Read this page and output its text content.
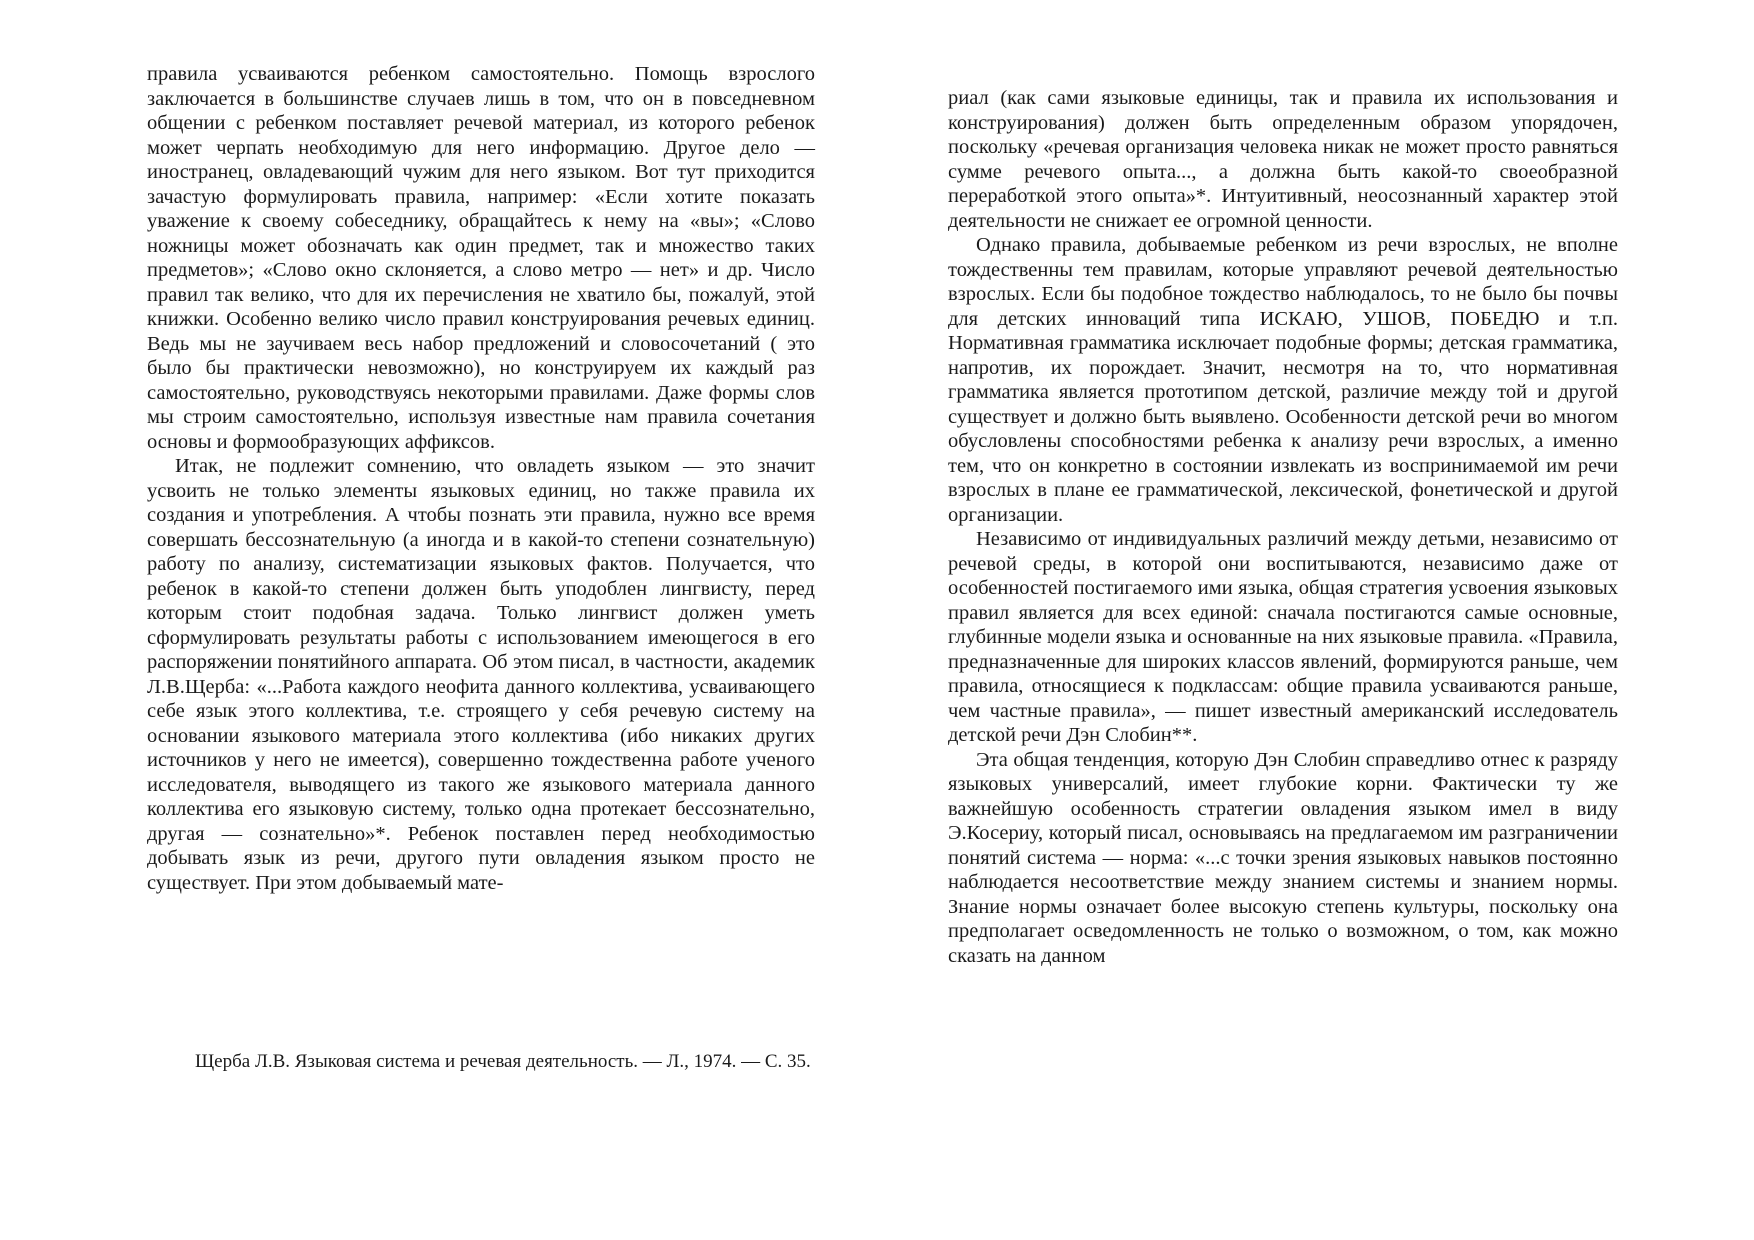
правила усваиваются ребенком самостоятельно. Помощь взрослого заключается в большинстве случаев лишь в том, что он в повседневном общении с ребенком поставляет речевой материал, из которого ребенок может черпать необходимую для него информацию. Другое дело — иностранец, овладевающий чужим для него языком. Вот тут приходится зачастую формулировать правила, например: «Если хотите показать уважение к своему собеседнику, обращайтесь к нему на «вы»; «Слово ножницы может обозначать как один предмет, так и множество таких предметов»; «Слово окно склоняется, а слово метро — нет» и др. Число правил так велико, что для их перечисления не хватило бы, пожалуй, этой книжки. Особенно велико число правил конструирования речевых единиц. Ведь мы не заучиваем весь набор предложений и словосочетаний ( это было бы практически невозможно), но конструируем их каждый раз самостоятельно, руководствуясь некоторыми правилами. Даже формы слов мы строим самостоятельно, используя известные нам правила сочетания основы и формообразующих аффиксов.

Итак, не подлежит сомнению, что овладеть языком — это значит усвоить не только элементы языковых единиц, но также правила их создания и употребления. А чтобы познать эти правила, нужно все время совершать бессознательную (а иногда и в какой-то степени сознательную) работу по анализу, систематизации языковых фактов. Получается, что ребенок в какой-то степени должен быть уподоблен лингвисту, перед которым стоит подобная задача. Только лингвист должен уметь сформулировать результаты работы с использованием имеющегося в его распоряжении понятийного аппарата. Об этом писал, в частности, академик Л.В.Щерба: «...Работа каждого неофита данного коллектива, усваивающего себе язык этого коллектива, т.е. строящего у себя речевую систему на основании языкового материала этого коллектива (ибо никаких других источников у него не имеется), совершенно тождественна работе ученого исследователя, выводящего из такого же языкового материала данного коллектива его языковую систему, только одна протекает бессознательно, другая — сознательно»*. Ребенок поставлен перед необходимостью добывать язык из речи, другого пути овладения языком просто не существует. При этом добываемый мате-

Щерба Л.В. Языковая система и речевая деятельность. — Л., 1974. — С. 35.

риал (как сами языковые единицы, так и правила их использования и конструирования) должен быть определенным образом упорядочен, поскольку «речевая организация человека никак не может просто равняться сумме речевого опыта..., а должна быть какой-то своеобразной переработкой этого опыта»*. Интуитивный, неосознанный характер этой деятельности не снижает ее огромной ценности.

Однако правила, добываемые ребенком из речи взрослых, не вполне тождественны тем правилам, которые управляют речевой деятельностью взрослых. Если бы подобное тождество наблюдалось, то не было бы почвы для детских инноваций типа ИСКАЮ, УШОВ, ПОБЕДЮ и т.п. Нормативная грамматика исключает подобные формы; детская грамматика, напротив, их порождает. Значит, несмотря на то, что нормативная грамматика является прототипом детской, различие между той и другой существует и должно быть выявлено. Особенности детской речи во многом обусловлены способностями ребенка к анализу речи взрослых, а именно тем, что он конкретно в состоянии извлекать из воспринимаемой им речи взрослых в плане ее грамматической, лексической, фонетической и другой организации.

Независимо от индивидуальных различий между детьми, независимо от речевой среды, в которой они воспитываются, независимо даже от особенностей постигаемого ими языка, общая стратегия усвоения языковых правил является для всех единой: сначала постигаются самые основные, глубинные модели языка и основанные на них языковые правила. «Правила, предназначенные для широких классов явлений, формируются раньше, чем правила, относящиеся к подклассам: общие правила усваиваются раньше, чем частные правила», — пишет известный американский исследователь детской речи Дэн Слобин**.

Эта общая тенденция, которую Дэн Слобин справедливо отнес к разряду языковых универсалий, имеет глубокие корни. Фактически ту же важнейшую особенность стратегии овладения языком имел в виду Э.Косериу, который писал, основываясь на предлагаемом им разграничении понятий система — норма: «...с точки зрения языковых навыков постоянно наблюдается несоответствие между знанием системы и знанием нормы. Знание нормы означает более высокую степень культуры, поскольку она предполагает осведомленность не только о возможном, о том, как можно сказать на данном
